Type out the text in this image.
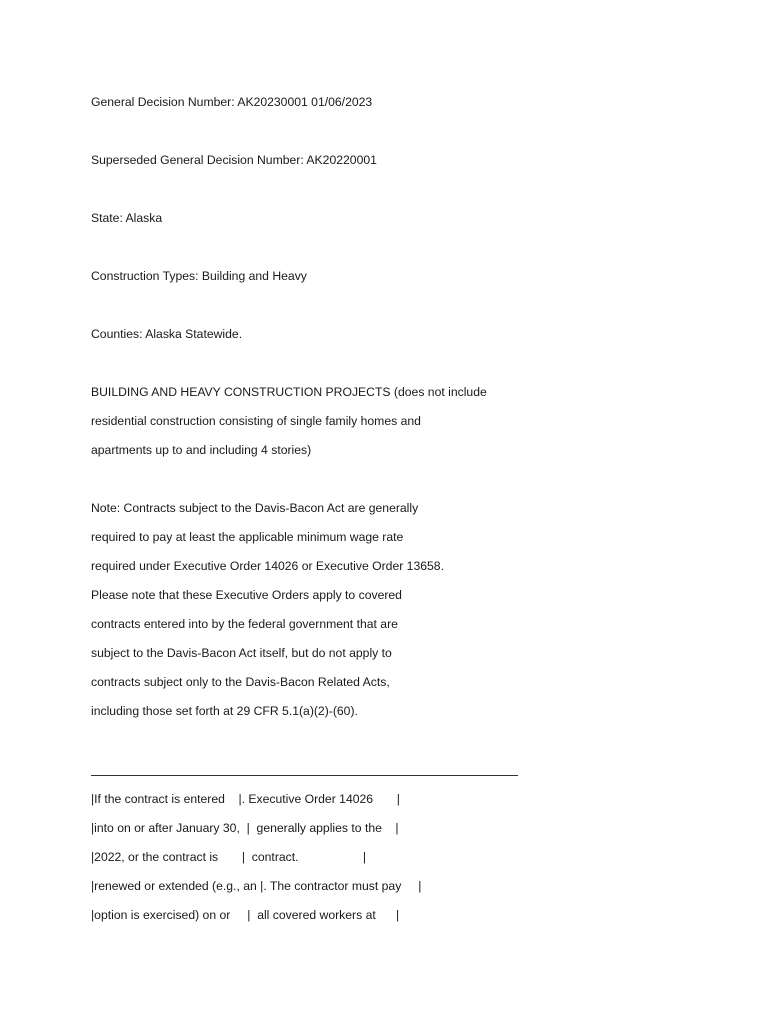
General Decision Number: AK20230001 01/06/2023

Superseded General Decision Number: AK20220001

State: Alaska

Construction Types: Building and Heavy

Counties: Alaska Statewide.

BUILDING AND HEAVY CONSTRUCTION PROJECTS (does not include

residential construction consisting of single family homes and

apartments up to and including 4 stories)

Note: Contracts subject to the Davis-Bacon Act are generally

required to pay at least the applicable minimum wage rate

required under Executive Order 14026 or Executive Order 13658.

Please note that these Executive Orders apply to covered

contracts entered into by the federal government that are

subject to the Davis-Bacon Act itself, but do not apply to

contracts subject only to the Davis-Bacon Related Acts,

including those set forth at 29 CFR 5.1(a)(2)-(60).

|If the contract is entered    |. Executive Order 14026       |

|into on or after January 30,  |  generally applies to the    |

|2022, or the contract is       |  contract.                   |

|renewed or extended (e.g., an |. The contractor must pay     |

|option is exercised) on or     |  all covered workers at      |
